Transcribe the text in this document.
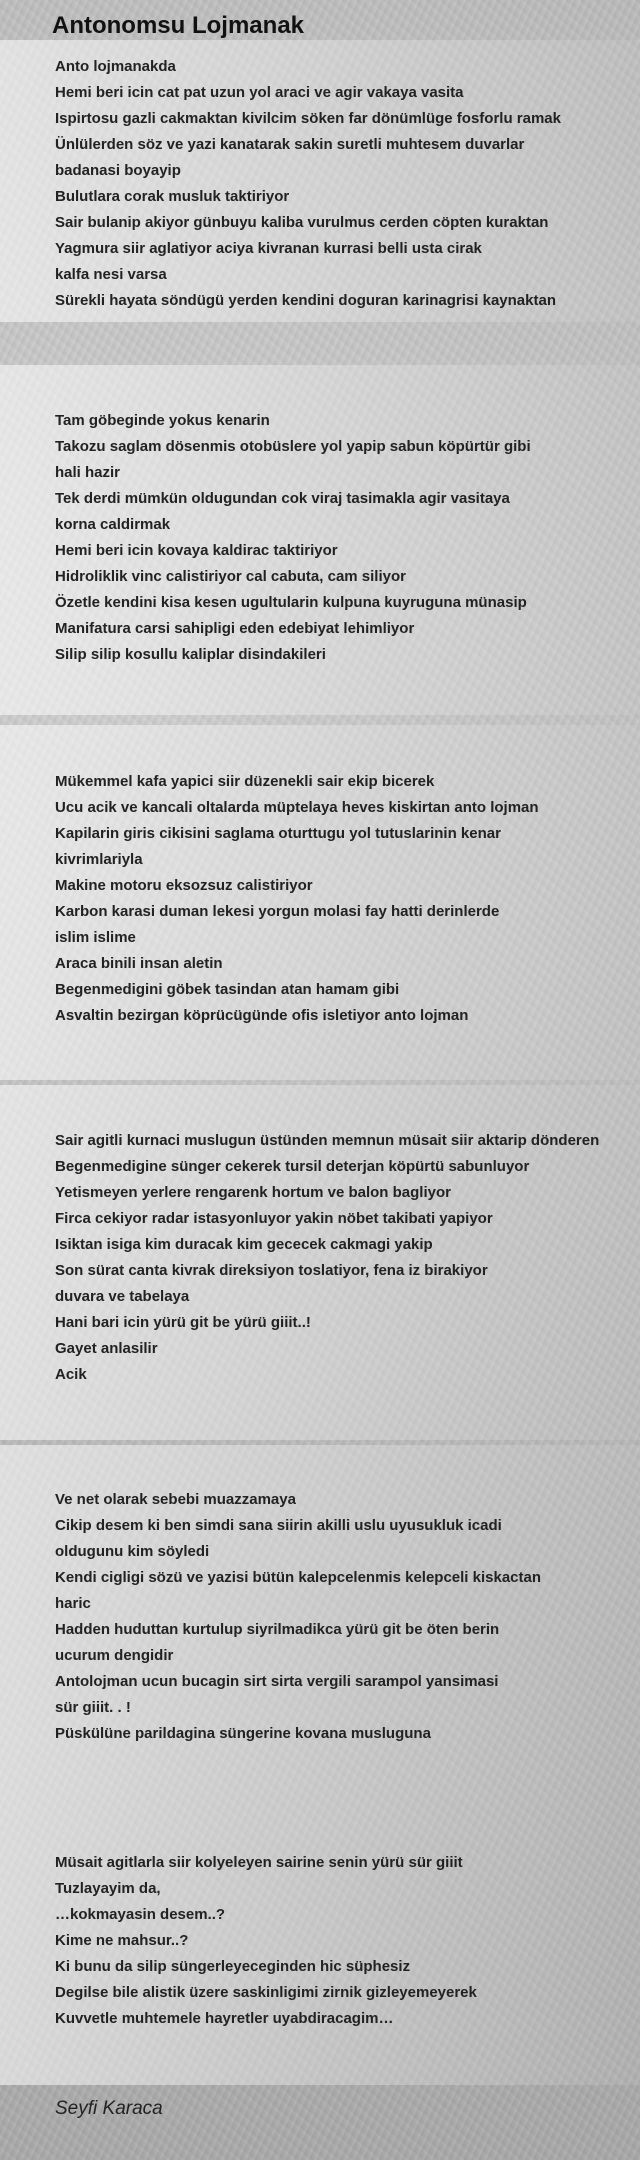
Antonomsu Lojmanak
Anto lojmanakda
Hemi beri icin cat pat uzun yol araci ve agir vakaya vasita
Ispirtosu gazli cakmaktan kivilcim söken far dönümlüge fosforlu ramak
Ünlülerden söz ve yazi kanatarak sakin suretli muhtesem duvarlar
badanasi boyayip
Bulutlara corak musluk taktiriyor
Sair bulanip akiyor günbuyu kaliba vurulmus cerden cöpten kuraktan
Yagmura siir aglatiyor aciya kivranan kurrasi belli usta cirak
kalfa nesi varsa
Sürekli hayata söndügü yerden kendini doguran karinagrisi kaynaktan
Tam göbeginde yokus kenarin
Takozu saglam dösenmis otobüslere yol yapip sabun köpürtür gibi
hali hazir
Tek derdi mümkün oldugundan cok viraj tasimakla agir vasitaya
korna caldirmak
Hemi beri icin kovaya kaldirac taktiriyor
Hidroliklik vinc calistiriyor cal cabuta, cam siliyor
Özetle kendini kisa kesen ugultularin kulpuna kuyruguna münasip
Manifatura carsi sahipligi eden edebiyat lehimliyor
Silip silip kosullu kaliplar disindakileri
Mükemmel kafa yapici siir düzenekli sair ekip bicerek
Ucu acik ve kancali oltalarda müptelaya heves kiskirtan anto lojman
Kapilarin giris cikisini saglama oturttugu yol tutuslarinin kenar
kivrimlariyla
Makine motoru eksozsuz calistiriyor
Karbon karasi duman lekesi yorgun molasi fay hatti derinlerde
islim islime
Araca binili insan aletin
Begenmedigini göbek tasindan atan hamam gibi
Asvaltin bezirgan köprücügünde ofis isletiyor anto lojman
Sair agitli kurnaci muslugun üstünden memnun müsait siir aktarip dönderen
Begenmedigine sünger cekerek tursil deterjan köpürtü sabunluyor
Yetismeyen yerlere rengarenk hortum ve balon bagliyor
Firca cekiyor radar istasyonluyor yakin nöbet takibati yapiyor
Isiktan isiga kim duracak kim gececek cakmagi yakip
Son sürat canta kivrak direksiyon toslatiyor, fena iz birakiyor
duvara ve tabelaya
Hani bari icin yürü git be yürü giiit..!
Gayet anlasilir
Acik
Ve net olarak sebebi muazzamaya
Cikip desem ki ben simdi sana siirin akilli uslu uyusukluk icadi
oldugunu kim söyledi
Kendi cigligi sözü ve yazisi bütün kalepcelenmis kelepceli kiskactan
haric
Hadden huduttan kurtulup siyrilmadikca yürü git be öten berin
ucurum dengidir
Antolojman ucun bucagin sirt sirta vergili sarampol yansimasi
sür giiit. . !
Püskülüne parildagina süngerine kovana musluguna
Müsait agitlarla siir kolyeleyen sairine senin yürü sür giiit
Tuzlayayim da,
…kokmayasin desem..?
Kime ne mahsur..?
Ki bunu da silip süngerleyeceginden hic süphesiz
Degilse bile alistik üzere saskinligimi zirnik gizleyemeyerek
Kuvvetle muhtemele hayretler uyabdiracagim…
Seyfi Karaca
